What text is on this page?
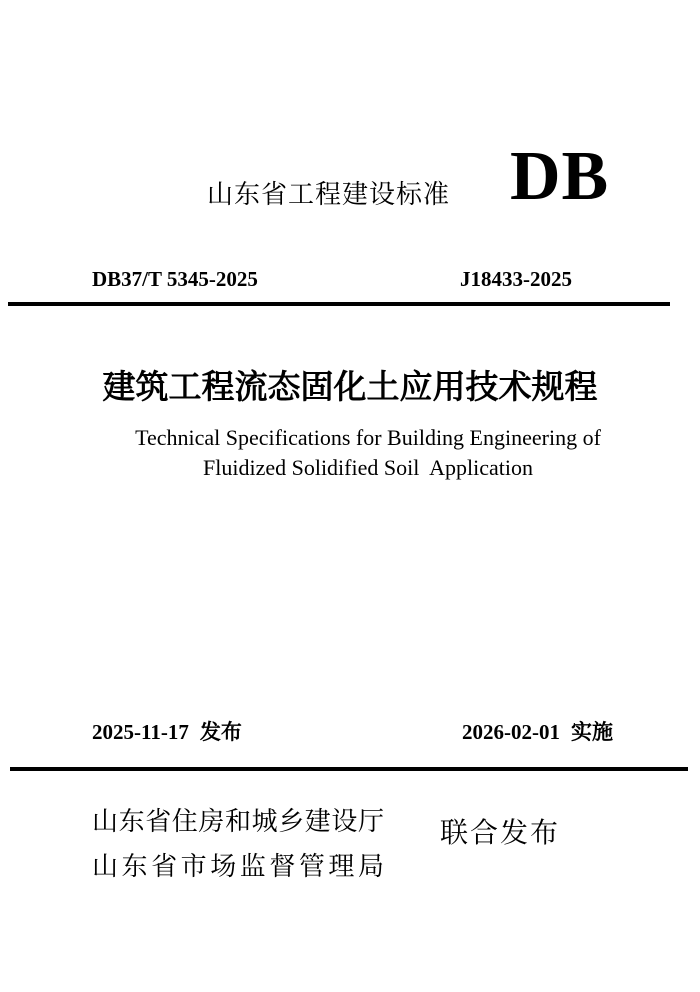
山东省工程建设标准 DB
DB37/T 5345-2025	J18433-2025
建筑工程流态固化土应用技术规程
Technical Specifications for Building Engineering of
Fluidized Solidified Soil  Application
2025-11-17 发布	2026-02-01 实施
山东省住房和城乡建设厅
山东省市场监督管理局
联合发布
